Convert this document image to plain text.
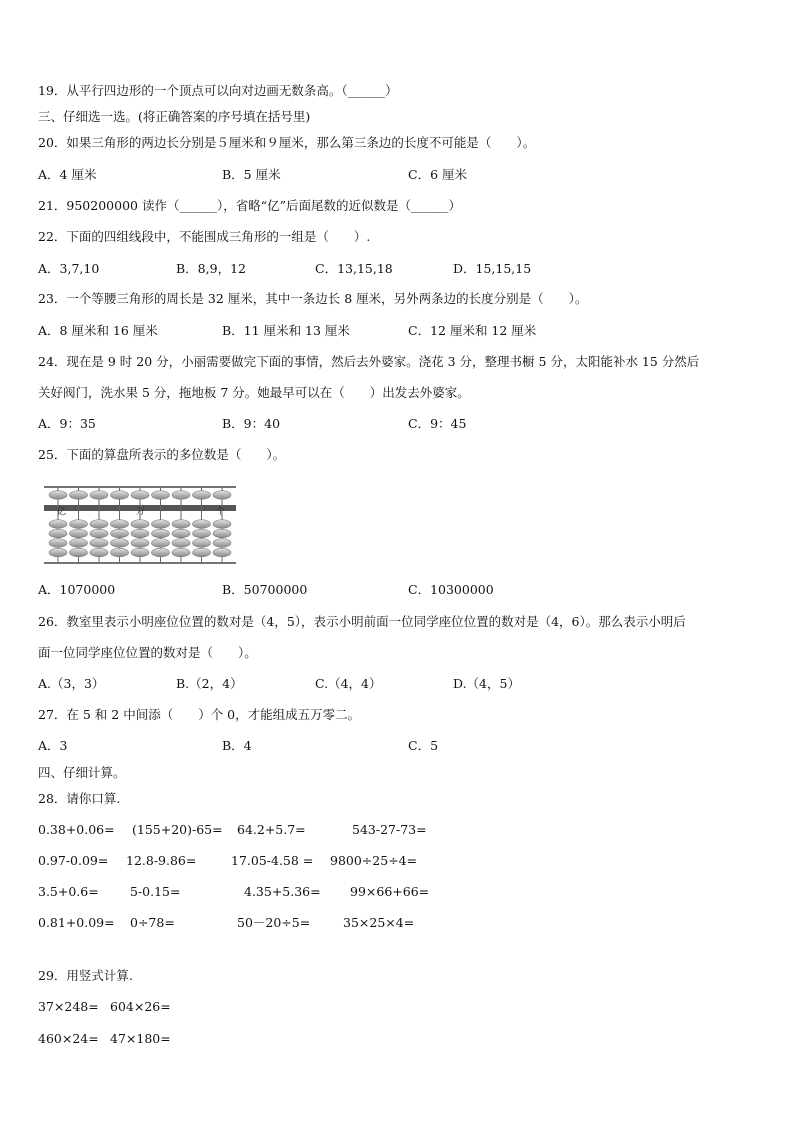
19．从平行四边形的一个顶点可以向对边画无数条高。（______）
三、仔细选一选。(将正确答案的序号填在括号里)
20．如果三角形的两边长分别是５厘米和９厘米，那么第三条边的长度不可能是（　　）。
A．4 厘米	B．5 厘米	C．6 厘米
21．950200000 读作（______），省略“亿”后面尾数的近似数是（______）
22．下面的四组线段中，不能围成三角形的一组是（　　）.
A．3,7,10	B．8,9，12	C．13,15,18	D．15,15,15
23．一个等腰三角形的周长是 32 厘米，其中一条边长 8 厘米，另外两条边的长度分别是（　　）。
A．8 厘米和 16 厘米	B．11 厘米和 13 厘米	C．12 厘米和 12 厘米
24．现在是 9 时 20 分，小丽需要做完下面的事情，然后去外婆家。浇花 3 分，整理书橱 5 分，太阳能补水 15 分然后
关好阀门，洗水果 5 分，拖地板 7 分。她最早可以在（　　）出发去外婆家。
A．9：35	B．9：40	C．9：45
25．下面的算盘所表示的多位数是（　　）。
亿	万	个
A．1070000	B．50700000	C．10300000
26．教室里表示小明座位位置的数对是（4，5），表示小明前面一位同学座位位置的数对是（4，6）。那么表示小明后
面一位同学座位位置的数对是（　　）。
A.（3，3）	B.（2，4）	C.（4，4）	D.（4，5）
27．在 5 和 2 中间添（　　）个 0，才能组成五万零二。
A．3	B．4	C．5
四、仔细计算。
28．请你口算.
0.38+0.06= (155+20)-65= 64.2+5.7=	543-27-73=
0.97-0.09= 12.8-9.86=	17.05-4.58 = 9800÷25÷4=
3.5+0.6=	5-0.15=	4.35+5.36= 99×66+66=
0.81+0.09= 0÷78=	50－20÷5=	35×25×4=
29．用竖式计算.
37×248= 604×26=
460×24= 47×180=
